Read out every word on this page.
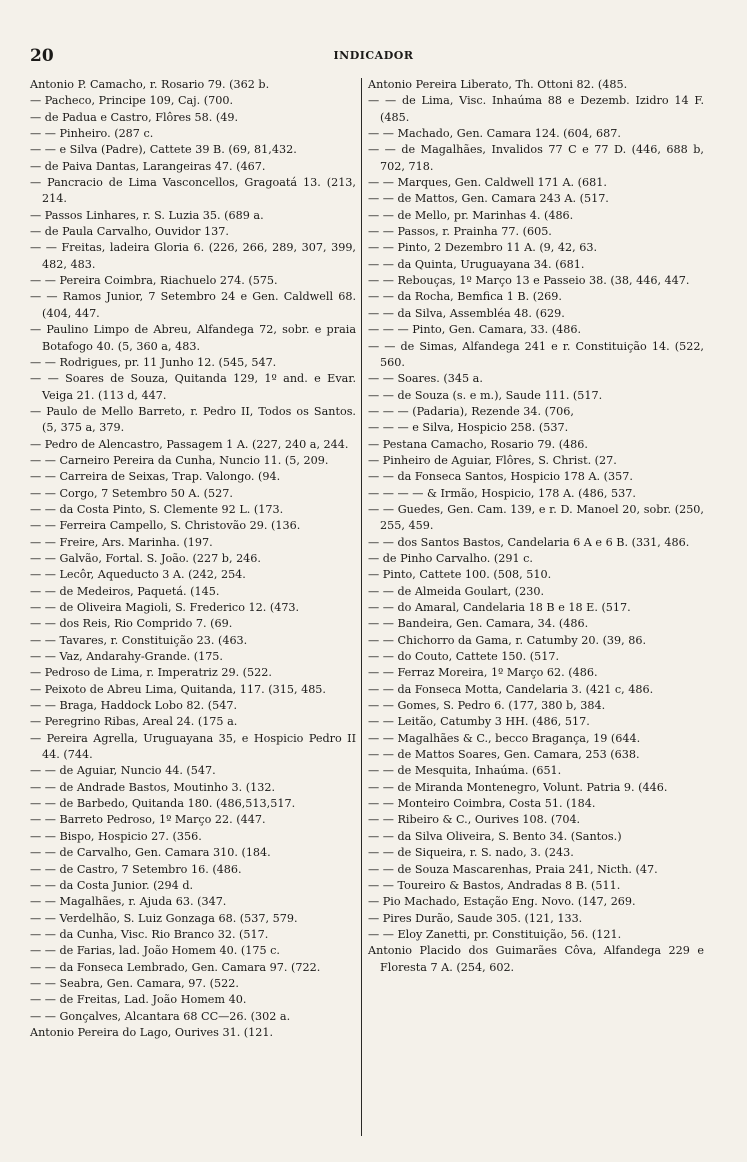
20	INDICADOR
Antonio P. Camacho, r. Rosario 79. (362 b.
— Pacheco, Principe 109, Caj. (700.
— de Padua e Castro, Flôres 58. (49.
— — Pinheiro. (287 c.
— — e Silva (Padre), Cattete 39 B. (69, 81,432.
— de Paiva Dantas, Larangeiras 47. (467.
— Pancracio de Lima Vasconcellos, Gragoatá 13. (213, 214.
— Passos Linhares, r. S. Luzia 35. (689 a.
— de Paula Carvalho, Ouvidor 137.
— — Freitas, ladeira Gloria 6. (226, 266, 289, 307, 399, 482, 483.
— — Pereira Coimbra, Riachuelo 274. (575.
— — Ramos Junior, 7 Setembro 24 e Gen. Caldwell 68. (404, 447.
— Paulino Limpo de Abreu, Alfandega 72, sobr. e praia Botafogo 40. (5, 360 a, 483.
— — Rodrigues, pr. 11 Junho 12. (545, 547.
— — Soares de Souza, Quitanda 129, 1º and. e Evar. Veiga 21. (113 d, 447.
— Paulo de Mello Barreto, r. Pedro II, Todos os Santos. (5, 375 a, 379.
— Pedro de Alencastro, Passagem 1 A. (227, 240 a, 244.
— — Carneiro Pereira da Cunha, Nuncio 11. (5, 209.
— — Carreira de Seixas, Trap. Valongo. (94.
— — Corgo, 7 Setembro 50 A. (527.
— — da Costa Pinto, S. Clemente 92 L. (173.
— — Ferreira Campello, S. Christovão 29. (136.
— — Freire, Ars. Marinha. (197.
— — Galvão, Fortal. S. João. (227 b, 246.
— — Lecôr, Aqueducto 3 A. (242, 254.
— — de Medeiros, Paquetá. (145.
— — de Oliveira Magioli, S. Frederico 12. (473.
— — dos Reis, Rio Comprido 7. (69.
— — Tavares, r. Constituição 23. (463.
— — Vaz, Andarahy-Grande. (175.
— Pedroso de Lima, r. Imperatriz 29. (522.
— Peixoto de Abreu Lima, Quitanda, 117. (315, 485.
— — Braga, Haddock Lobo 82. (547.
— Peregrino Ribas, Areal 24. (175 a.
— Pereira Agrella, Uruguayana 35, e Hospicio Pedro II 44. (744.
— — de Aguiar, Nuncio 44. (547.
— — de Andrade Bastos, Moutinho 3. (132.
— — de Barbedo, Quitanda 180. (486,513,517.
— — Barreto Pedroso, 1º Março 22. (447.
— — Bispo, Hospicio 27. (356.
— — de Carvalho, Gen. Camara 310. (184.
— — de Castro, 7 Setembro 16. (486.
— — da Costa Junior. (294 d.
— — Magalhães, r. Ajuda 63. (347.
— — Verdelhão, S. Luiz Gonzaga 68. (537, 579.
— — da Cunha, Visc. Rio Branco 32. (517.
— — de Farias, lad. João Homem 40. (175 c.
— — da Fonseca Lembrado, Gen. Camara 97. (722.
— — Seabra, Gen. Camara, 97. (522.
— — de Freitas, Lad. João Homem 40.
— — Gonçalves, Alcantara 68 CC—26. (302 a.
Antonio Pereira do Lago, Ourives 31. (121.
Antonio Pereira Liberato, Th. Ottoni 82. (485.
— — de Lima, Visc. Inhaúma 88 e Dezemb. Izidro 14 F. (485.
— — Machado, Gen. Camara 124. (604, 687.
— — de Magalhães, Invalidos 77 C e 77 D. (446, 688 b, 702, 718.
— — Marques, Gen. Caldwell 171 A. (681.
— — de Mattos, Gen. Camara 243 A. (517.
— — de Mello, pr. Marinhas 4. (486.
— — Passos, r. Prainha 77. (605.
— — Pinto, 2 Dezembro 11 A. (9, 42, 63.
— — da Quinta, Uruguayana 34. (681.
— — Rebouças, 1º Março 13 e Passeio 38. (38, 446, 447.
— — da Rocha, Bemfica 1 B. (269.
— — da Silva, Assembléa 48. (629.
— — — Pinto, Gen. Camara, 33. (486.
— — de Simas, Alfandega 241 e r. Constituição 14. (522, 560.
— — Soares. (345 a.
— — de Souza (s. e m.), Saude 111. (517.
— — — (Padaria), Rezende 34. (706,
— — — e Silva, Hospicio 258. (537.
— Pestana Camacho, Rosario 79. (486.
— Pinheiro de Aguiar, Flôres, S. Christ. (27.
— — da Fonseca Santos, Hospicio 178 A. (357.
— — — — & Irmão, Hospicio, 178 A. (486, 537.
— — Guedes, Gen. Cam. 139, e r. D. Manoel 20, sobr. (250, 255, 459.
— — dos Santos Bastos, Candelaria 6 A e 6 B. (331, 486.
— de Pinho Carvalho. (291 c.
— Pinto, Cattete 100. (508, 510.
— — de Almeida Goulart, (230.
— — do Amaral, Candelaria 18 B e 18 E. (517.
— — Bandeira, Gen. Camara, 34. (486.
— — Chichorro da Gama, r. Catumby 20. (39, 86.
— — do Couto, Cattete 150. (517.
— — Ferraz Moreira, 1º Março 62. (486.
— — da Fonseca Motta, Candelaria 3. (421 c, 486.
— — Gomes, S. Pedro 6. (177, 380 b, 384.
— — Leitão, Catumby 3 HH. (486, 517.
— — Magalhães & C., becco Bragança, 19 (644.
— — de Mattos Soares, Gen. Camara, 253 (638.
— — de Mesquita, Inhaúma. (651.
— — de Miranda Montenegro, Volunt. Patria 9. (446.
— — Monteiro Coimbra, Costa 51. (184.
— — Ribeiro & C., Ourives 108. (704.
— — da Silva Oliveira, S. Bento 34. (Santos.)
— — de Siqueira, r. S. nado, 3. (243.
— — de Souza Mascarenhas, Praia 241, Nicth. (47.
— — Toureiro & Bastos, Andradas 8 B. (511.
— Pio Machado, Estação Eng. Novo. (147, 269.
— Pires Durão, Saude 305. (121, 133.
— — Eloy Zanetti, pr. Constituição, 56. (121.
Antonio Placido dos Guimarães Côva, Alfandega 229 e Floresta 7 A. (254, 602.
